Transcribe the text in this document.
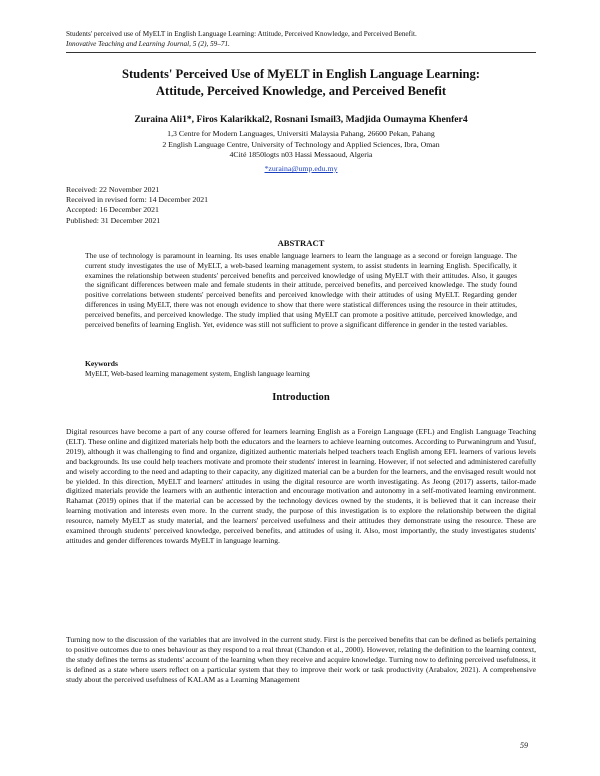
Students' perceived use of MyELT in English Language Learning: Attitude, Perceived Knowledge, and Perceived Benefit.
Innovative Teaching and Learning Journal, 5 (2), 59–71.
Students' Perceived Use of MyELT in English Language Learning:
Attitude, Perceived Knowledge, and Perceived Benefit
Zuraina Ali1*, Firos Kalarikkal2, Rosnani Ismail3, Madjida Oumayma Khenfer4
1,3 Centre for Modern Languages, Universiti Malaysia Pahang, 26600 Pekan, Pahang
2 English Language Centre, University of Technology and Applied Sciences, Ibra, Oman
4Cité 1850logts n03 Hassi Messaoud, Algeria
*zuraina@ump.edu.my
Received: 22 November 2021
Received in revised form: 14 December 2021
Accepted: 16 December 2021
Published: 31 December 2021
ABSTRACT
The use of technology is paramount in learning. Its uses enable language learners to learn the language as a second or foreign language. The current study investigates the use of MyELT, a web-based learning management system, to assist students in learning English. Specifically, it examines the relationship between students' perceived benefits and perceived knowledge of using MyELT with their attitudes. Also, it gauges the significant differences between male and female students in their attitude, perceived benefits, and perceived knowledge. The study found positive correlations between students' perceived benefits and perceived knowledge with their attitudes of using MyELT. Regarding gender differences in using MyELT, there was not enough evidence to show that there were statistical differences using the resource in their attitudes, perceived benefits, and perceived knowledge. The study implied that using MyELT can promote a positive attitude, perceived knowledge, and perceived benefits of learning English. Yet, evidence was still not sufficient to prove a significant difference in gender in the tested variables.
Keywords
MyELT, Web-based learning management system, English language learning
Introduction
Digital resources have become a part of any course offered for learners learning English as a Foreign Language (EFL) and English Language Teaching (ELT). These online and digitized materials help both the educators and the learners to achieve learning outcomes. According to Purwaningrum and Yusuf, 2019), although it was challenging to find and organize, digitized authentic materials helped teachers teach English among EFL learners of various levels and backgrounds. Its use could help teachers motivate and promote their students' interest in learning. However, if not selected and administered carefully and wisely according to the need and adapting to their capacity, any digitized material can be a burden for the learners, and the envisaged result would not be yielded. In this direction, MyELT and learners' attitudes in using the digital resource are worth investigating. As Jeong (2017) asserts, tailor-made digitized materials provide the learners with an authentic interaction and encourage motivation and autonomy in a self-motivated learning environment. Rahamat (2019) opines that if the material can be accessed by the technology devices owned by the students, it is believed that it can increase their learning motivation and interests even more. In the current study, the purpose of this investigation is to explore the relationship between the digital resource, namely MyELT as study material, and the learners' perceived usefulness and their attitudes they demonstrate using the resource. These are examined through students' perceived knowledge, perceived benefits, and attitudes of using it. Also, most importantly, the study investigates students' attitudes and gender differences towards MyELT in language learning.
Turning now to the discussion of the variables that are involved in the current study. First is the perceived benefits that can be defined as beliefs pertaining to positive outcomes due to ones behaviour as they respond to a real threat (Chandon et al., 2000). However, relating the definition to the learning context, the study defines the terms as students' account of the learning when they receive and acquire knowledge. Turning now to defining perceived usefulness, it is defined as a state where users reflect on a particular system that they to improve their work or task productivity (Arabalov, 2021). A comprehensive study about the perceived usefulness of KALAM as a Learning Management
59
